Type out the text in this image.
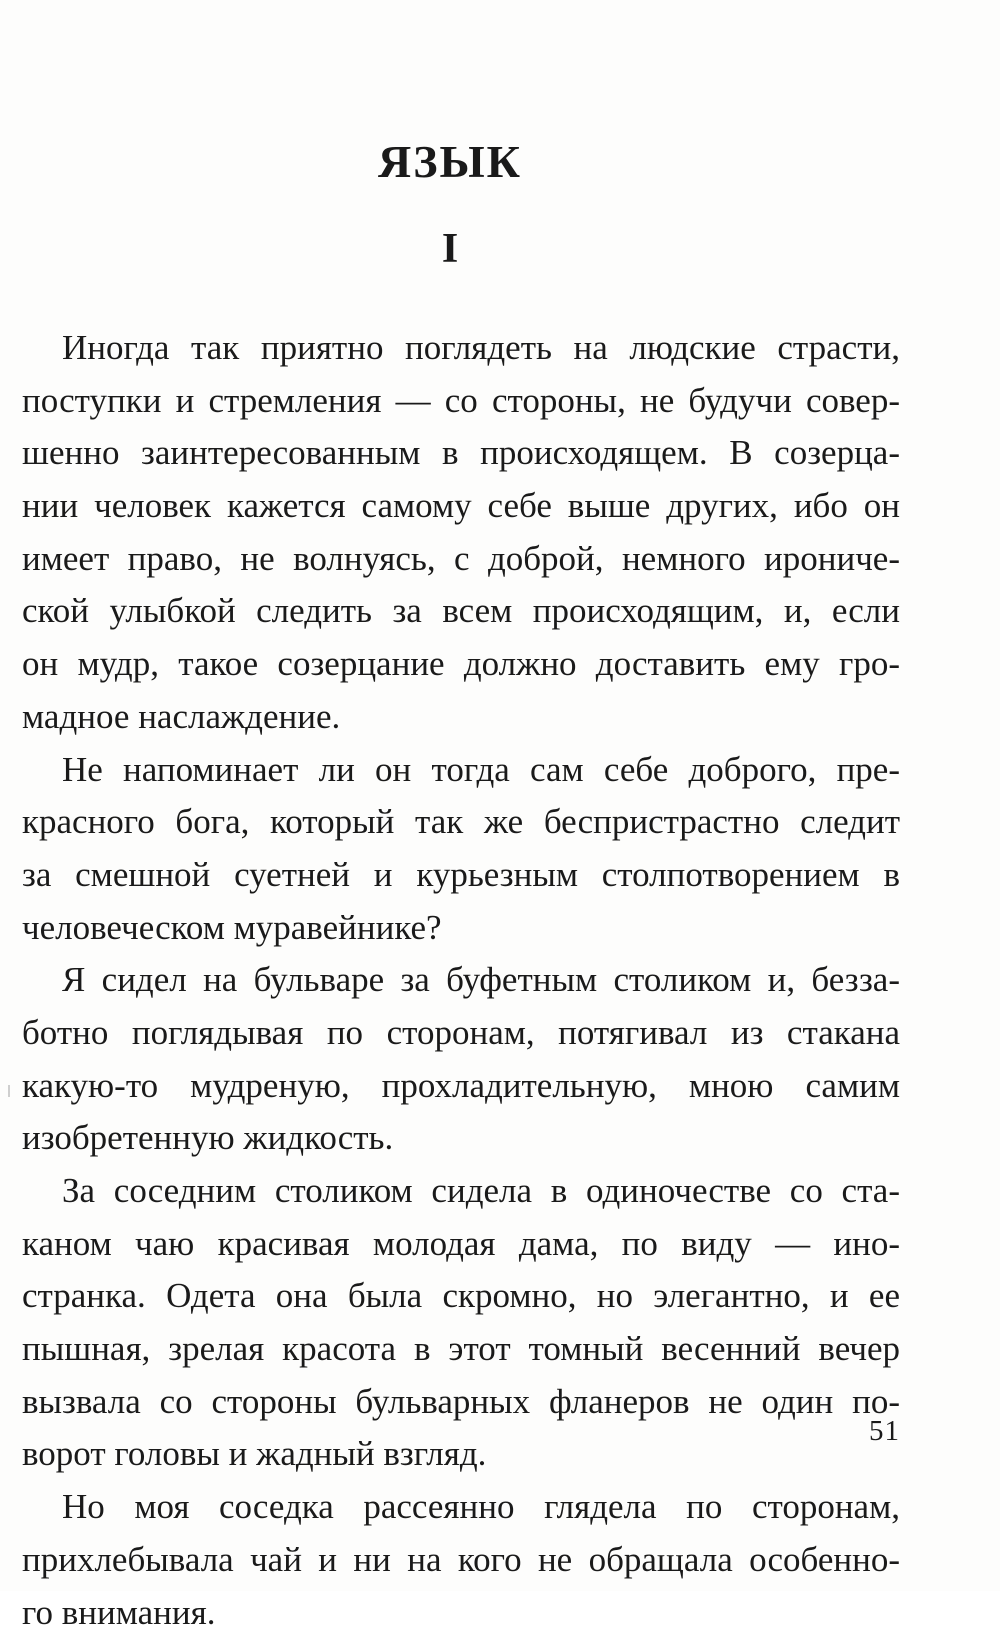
ЯЗЫК
I
Иногда так приятно поглядеть на людские страсти,
поступки и стремления — со стороны, не будучи совер-
шенно заинтересованным в происходящем. В созерца-
нии человек кажется самому себе выше других, ибо он
имеет право, не волнуясь, с доброй, немного ирониче-
ской улыбкой следить за всем происходящим, и, если
он мудр, такое созерцание должно доставить ему гро-
мадное наслаждение.
Не напоминает ли он тогда сам себе доброго, пре-
красного бога, который так же беспристрастно следит
за смешной суетней и курьезным столпотворением в
человеческом муравейнике?
Я сидел на бульваре за буфетным столиком и, безза-
ботно поглядывая по сторонам, потягивал из стакана
какую-то мудреную, прохладительную, мною самим
изобретенную жидкость.
За соседним столиком сидела в одиночестве со ста-
каном чаю красивая молодая дама, по виду — ино-
странка. Одета она была скромно, но элегантно, и ее
пышная, зрелая красота в этот томный весенний вечер
вызвала со стороны бульварных фланеров не один по-
ворот головы и жадный взгляд.
Но моя соседка рассеянно глядела по сторонам,
прихлебывала чай и ни на кого не обращала особенно-
го внимания.
51
